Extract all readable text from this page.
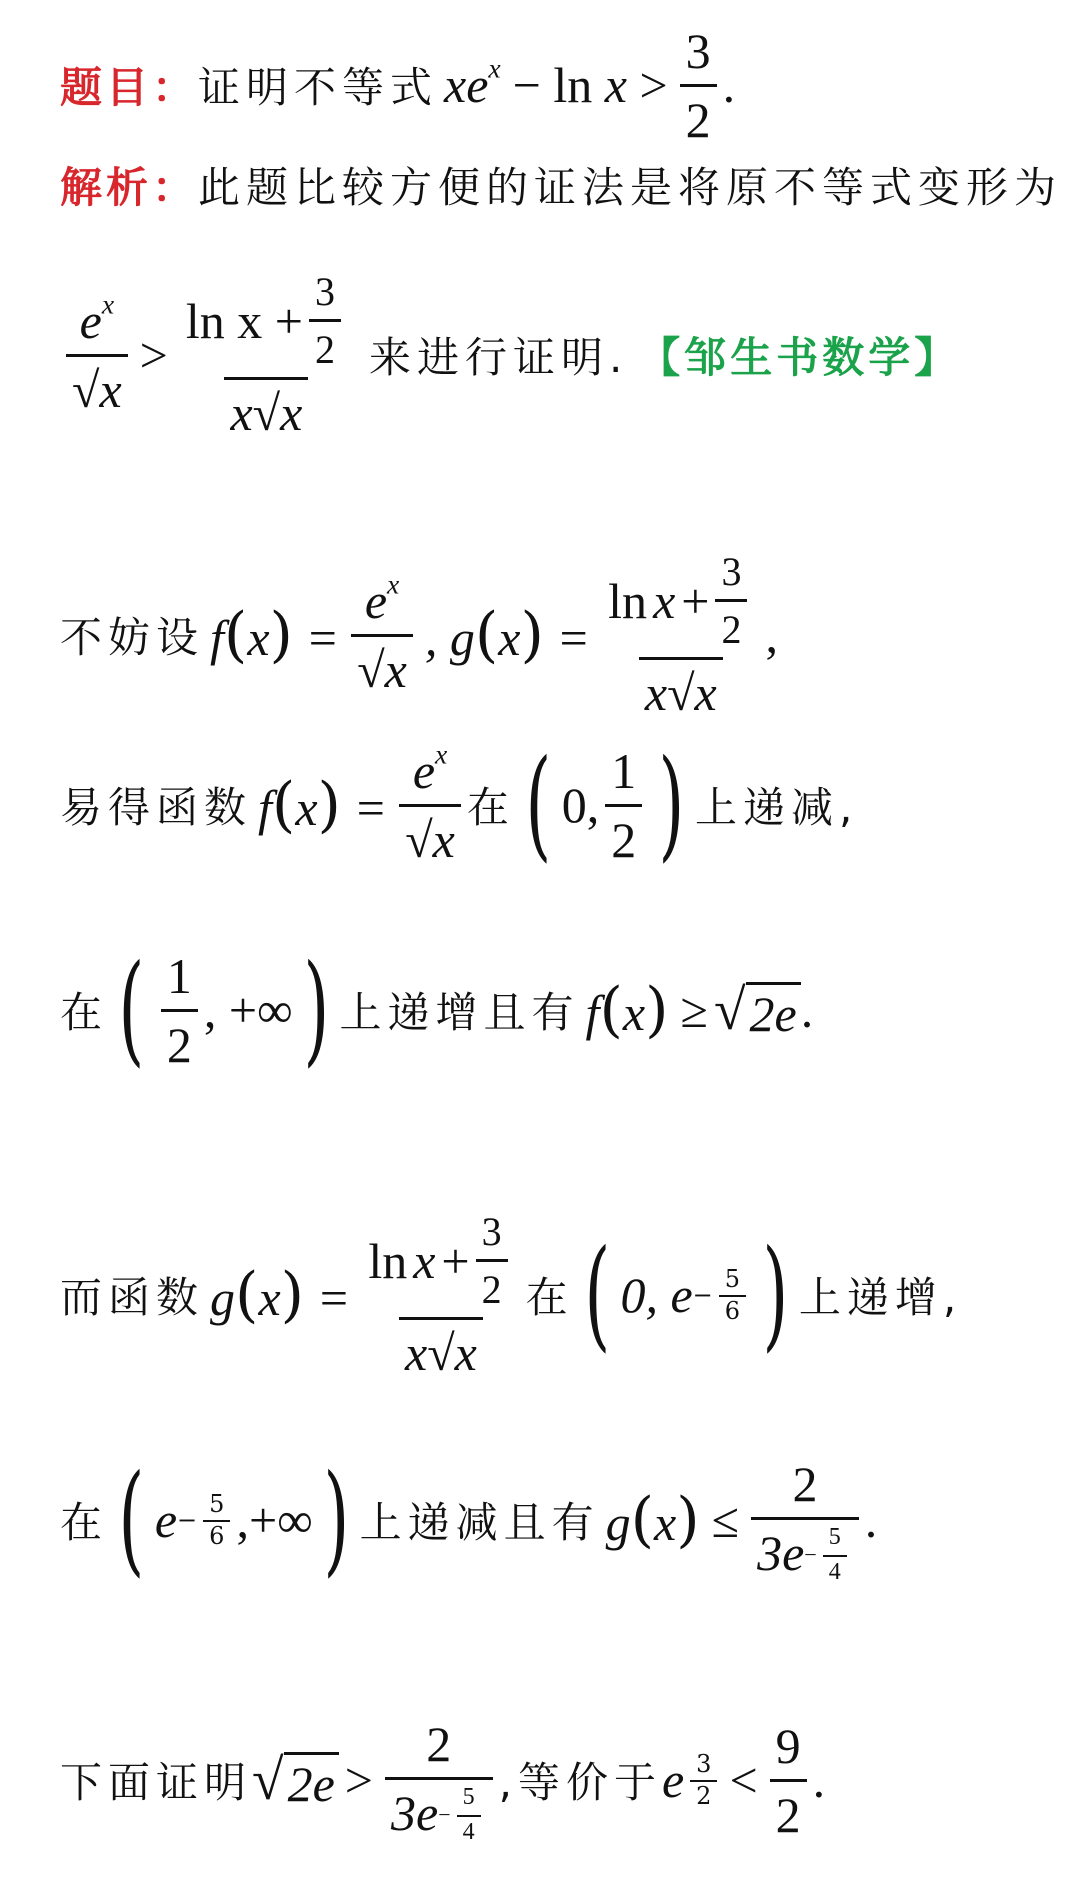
题目： 证明不等式 $xe^x - \ln x > \frac{3}{2}$ .
解析： 此题比较方便的证法是将原不等式变形为
$\frac{e^x}{√x} > \frac{\ln x + \frac{3}{2}}{x√x}$ 来进行证明. 【邹生书数学】
不妨设 $f(x) = \frac{e^x}{√x}$ , $g(x) = \frac{\ln x + \frac{3}{2}}{x√x}$ ,
易得函数 $f(x) = \frac{e^x}{√x}$ 在 ( 0, $\frac{1}{2}$ ) 上递减,
在 ( $\frac{1}{2}$ , +∞ ) 上递增且有 f(x) ≥ √ 2e .
而函数 $g(x) = \frac{\ln x + \frac{3}{2}}{x√x}$ 在 ( 0, $e - \frac{5}{6}$ ) 上递增,
在 ( $e - \frac{5}{6}$ ,+∞ ) 上递减且有 $g(x) \le \frac{2}{3e - \frac{5}{4}}$ .
下面证明 √ $2e > \frac{2}{3e - \frac{5}{4}}$ ,等价于 e $\frac{3}{2} < \frac{9}{2}$ .
